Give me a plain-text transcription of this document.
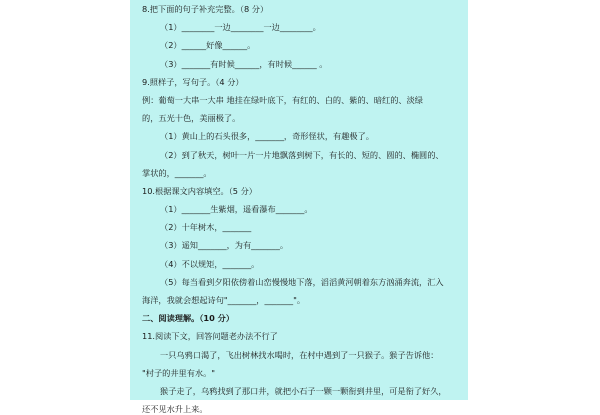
8.把下面的句子补充完整。（8 分）
（1）________一边________一边________。
（2）______好像______。
（3）_______有时候______，有时候______ 。
9.照样子，写句子。（4 分）
例：葡萄一大串一大串 地挂在绿叶底下，有红的、白的、紫的、暗红的、淡绿
的，五光十色，美丽极了。
（1）黄山上的石头很多，_______，奇形怪状，有趣极了。
（2）到了秋天，树叶一片一片地飘落到树下，有长的、短的、圆的、椭圆的、
掌状的，_______。
10.根据课文内容填空。（5 分）
（1）_______生紫烟，遥看瀑布_______。
（2）十年树木，_______
（3）遥知_______，为有_______。
（4）不以规矩，_______。
（5）每当看到夕阳依傍着山峦慢慢地下落，滔滔黄河朝着东方汹涌奔流，汇入
海洋，我就会想起诗句"_______，_______"。
二、阅读理解。（10 分）
11.阅读下文，回答问题老办法不行了
一只乌鸦口渴了，飞出树林找水喝时，在村中遇到了一只猴子。猴子告诉他：
"村子的井里有水。"
猴子走了，乌鸦找到了那口井，就把小石子一颗一颗衔到井里，可是衔了好久，
还不见水升上来。
